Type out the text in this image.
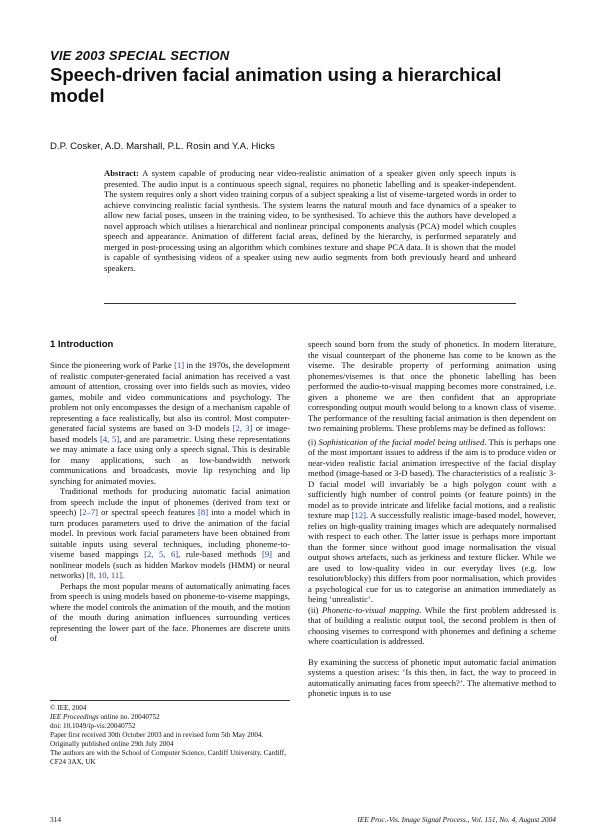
VIE 2003 SPECIAL SECTION
Speech-driven facial animation using a hierarchical model
D.P. Cosker, A.D. Marshall, P.L. Rosin and Y.A. Hicks
Abstract: A system capable of producing near video-realistic animation of a speaker given only speech inputs is presented. The audio input is a continuous speech signal, requires no phonetic labelling and is speaker-independent. The system requires only a short video training corpus of a subject speaking a list of viseme-targeted words in order to achieve convincing realistic facial synthesis. The system learns the natural mouth and face dynamics of a speaker to allow new facial poses, unseen in the training video, to be synthesised. To achieve this the authors have developed a novel approach which utilises a hierarchical and nonlinear principal components analysis (PCA) model which couples speech and appearance. Animation of different facial areas, defined by the hierarchy, is performed separately and merged in post-processing using an algorithm which combines texture and shape PCA data. It is shown that the model is capable of synthesising videos of a speaker using new audio segments from both previously heard and unheard speakers.
1 Introduction

Since the pioneering work of Parke [1] in the 1970s, the development of realistic computer-generated facial animation has received a vast amount of attention, crossing over into fields such as movies, video games, mobile and video communications and psychology. The problem not only encompasses the design of a mechanism capable of representing a face realistically, but also its control. Most computer-generated facial systems are based on 3-D models [2, 3] or image-based models [4, 5], and are parametric. Using these representations we may animate a face using only a speech signal. This is desirable for many applications, such as low-bandwidth network communications and broadcasts, movie lip resynching and lip synching for animated movies.

Traditional methods for producing automatic facial animation from speech include the input of phonemes (derived from text or speech) [2–7] or spectral speech features [8] into a model which in turn produces parameters used to drive the animation of the facial model. In previous work facial parameters have been obtained from suitable inputs using several techniques, including phoneme-to-viseme based mappings [2, 5, 6], rule-based methods [9] and nonlinear models (such as hidden Markov models (HMM) or neural networks) [8, 10, 11].

Perhaps the most popular means of automatically animating faces from speech is using models based on phoneme-to-viseme mappings, where the model controls the animation of the mouth, and the motion of the mouth during animation influences surrounding vertices representing the lower part of the face. Phonemes are discrete units of

© IEE, 2004

IEE Proceedings online no. 20040752

doi: 10.1049/ip-vis:20040752

Paper first received 30th October 2003 and in revised form 5th May 2004. Originally published online 29th July 2004

The authors are with the School of Computer Science, Cardiff University, Cardiff, CF24 3AX, UK

speech sound born from the study of phonetics. In modern literature, the visual counterpart of the phoneme has come to be known as the viseme. The desirable property of performing animation using phonemes/visemes is that once the phonetic labelling has been performed the audio-to-visual mapping becomes more constrained, i.e. given a phoneme we are then confident that an appropriate corresponding output mouth would belong to a known class of viseme. The performance of the resulting facial animation is then dependent on two remaining problems. These problems may be defined as follows:

(i) Sophistication of the facial model being utilised. This is perhaps one of the most important issues to address if the aim is to produce video or near-video realistic facial animation irrespective of the facial display method (image-based or 3-D based). The characteristics of a realistic 3-D facial model will invariably be a high polygon count with a sufficiently high number of control points (or feature points) in the model as to provide intricate and lifelike facial motions, and a realistic texture map [12]. A successfully realistic image-based model, however, relies on high-quality training images which are adequately normalised with respect to each other. The latter issue is perhaps more important than the former since without good image normalisation the visual output shows artefacts, such as jerkiness and texture flicker. While we are used to low-quality video in our everyday lives (e.g. low resolution/blocky) this differs from poor normalisation, which provides a psychological cue for us to categorise an animation immediately as being ‘unrealistic’.

(ii) Phonetic-to-visual mapping. While the first problem addressed is that of building a realistic output tool, the second problem is then of choosing visemes to correspond with phonemes and defining a scheme where coarticulation is addressed.

By examining the success of phonetic input automatic facial animation systems a question arises: ‘Is this then, in fact, the way to proceed in automatically animating faces from speech?’. The alternative method to phonetic inputs is to use

314	IEE Proc.-Vis. Image Signal Process., Vol. 151, No. 4, August 2004
